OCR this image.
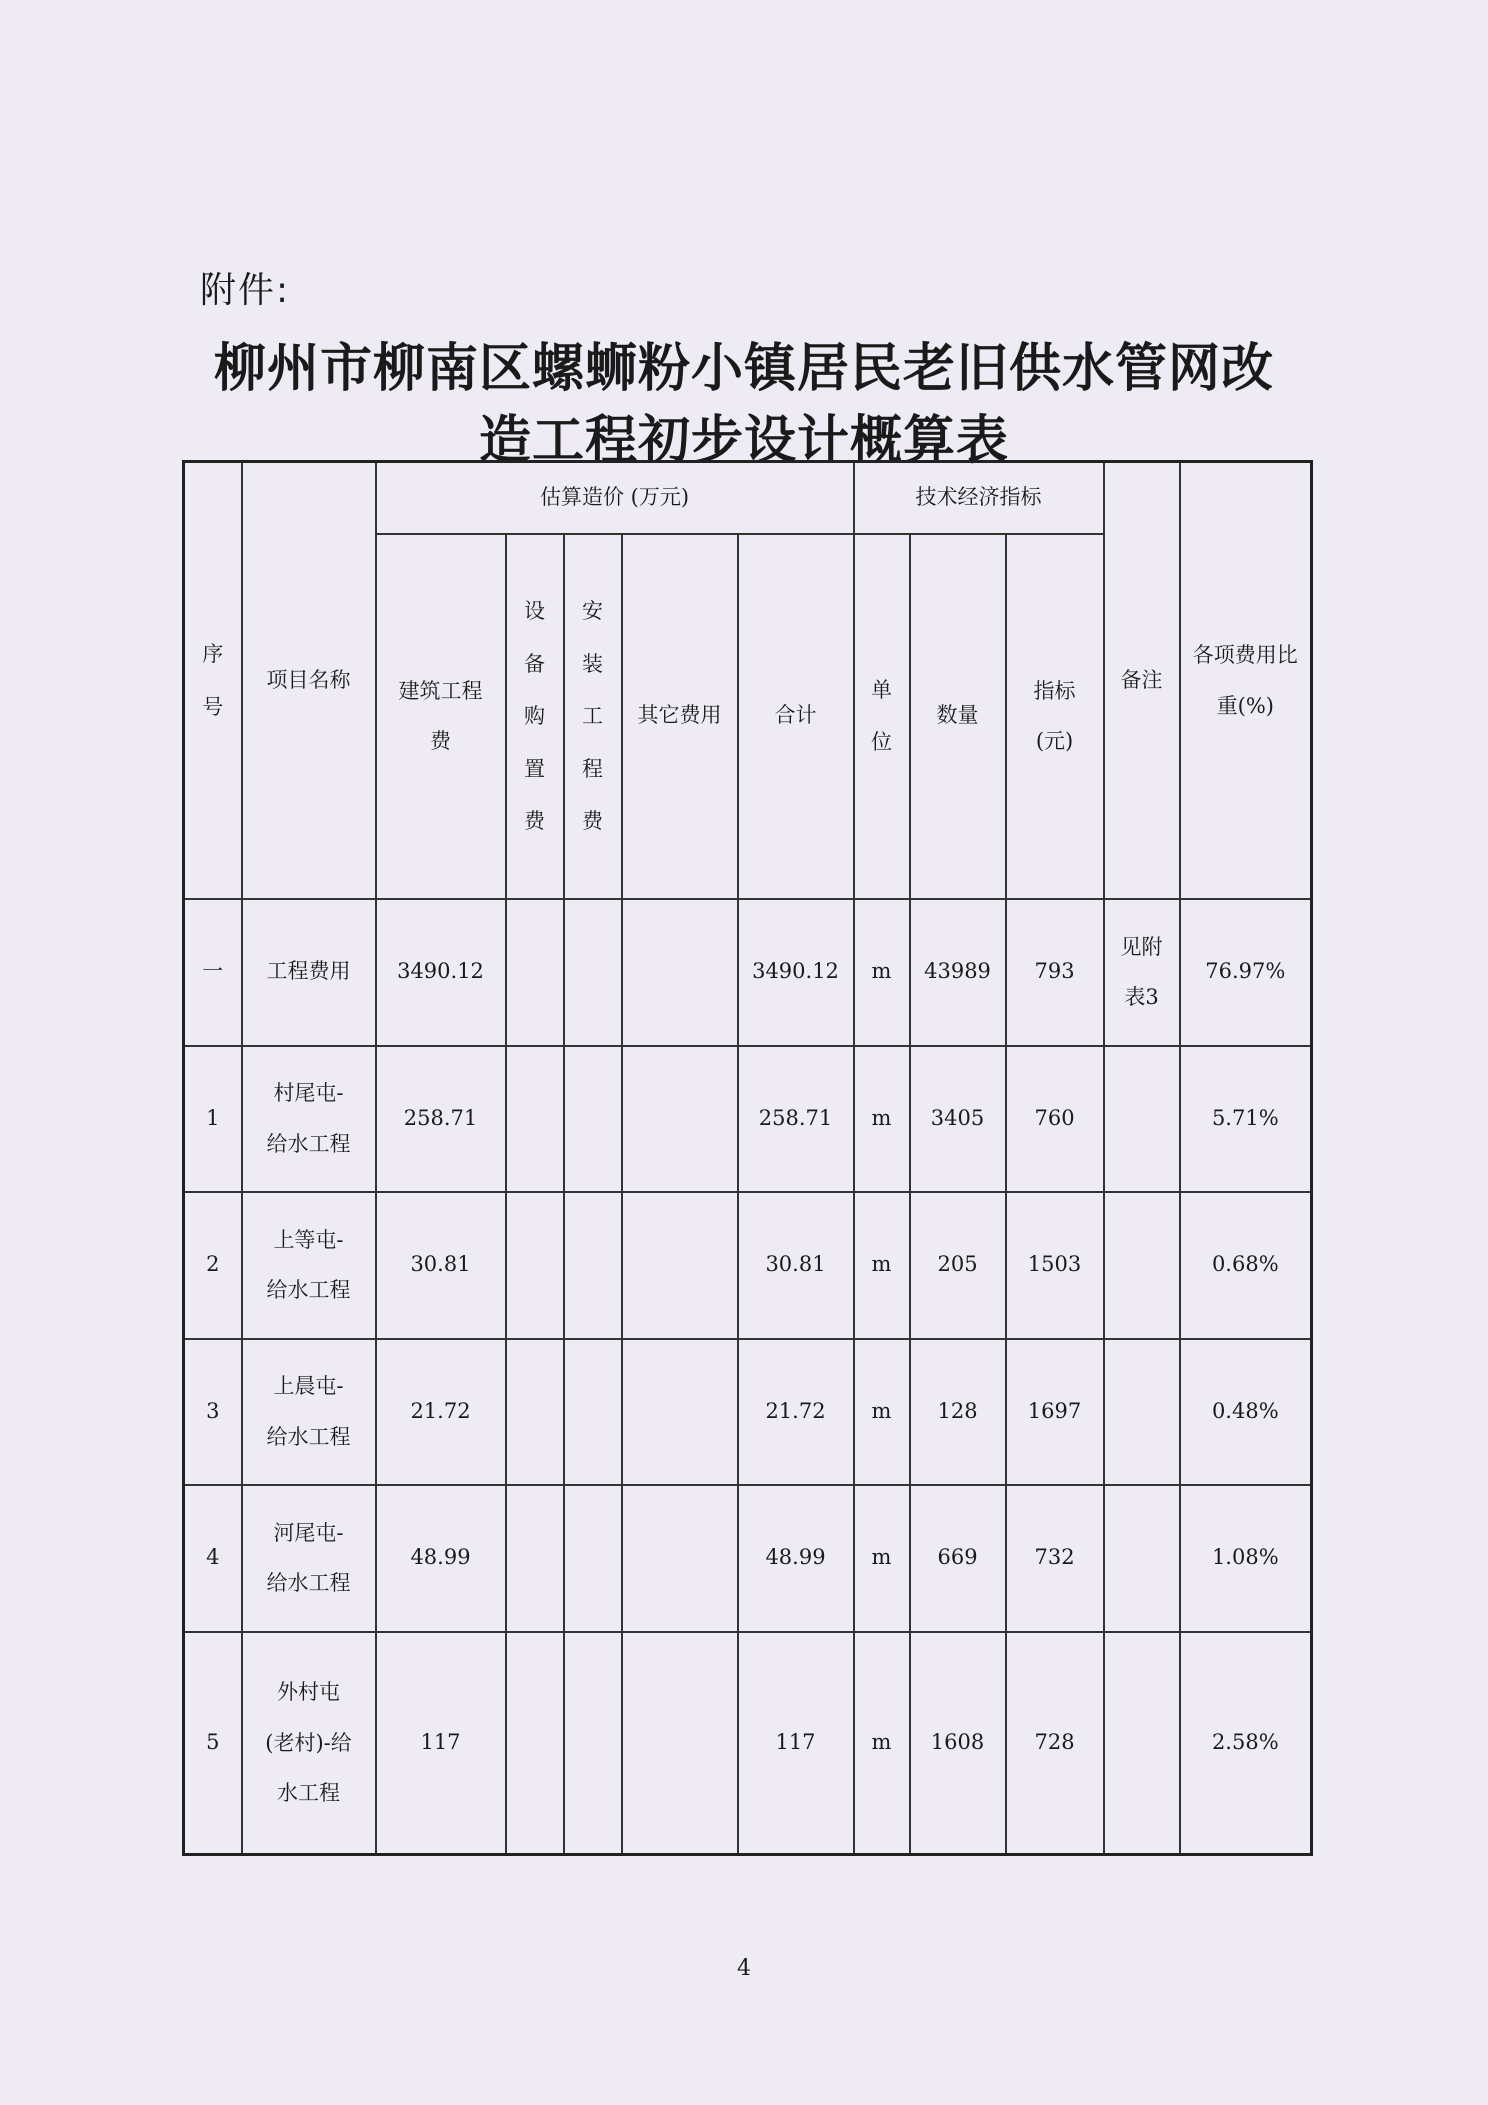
附件:
柳州市柳南区螺蛳粉小镇居民老旧供水管网改
造工程初步设计概算表
序号	项目名称	估算造价 (万元)					技术经济指标			备注	各项费用比重(%)
		建筑工程费	设备购置费	安装工程费	其它费用	合计	单位	数量	指标(元)		
一	工程费用	3490.12				3490.12	m	43989	793	见附表3	76.97%
1	村尾屯-给水工程	258.71				258.71	m	3405	760		5.71%
2	上等屯-给水工程	30.81				30.81	m	205	1503		0.68%
3	上晨屯-给水工程	21.72				21.72	m	128	1697		0.48%
4	河尾屯-给水工程	48.99				48.99	m	669	732		1.08%
5	外村屯(老村)-给水工程	117				117	m	1608	728		2.58%
4
